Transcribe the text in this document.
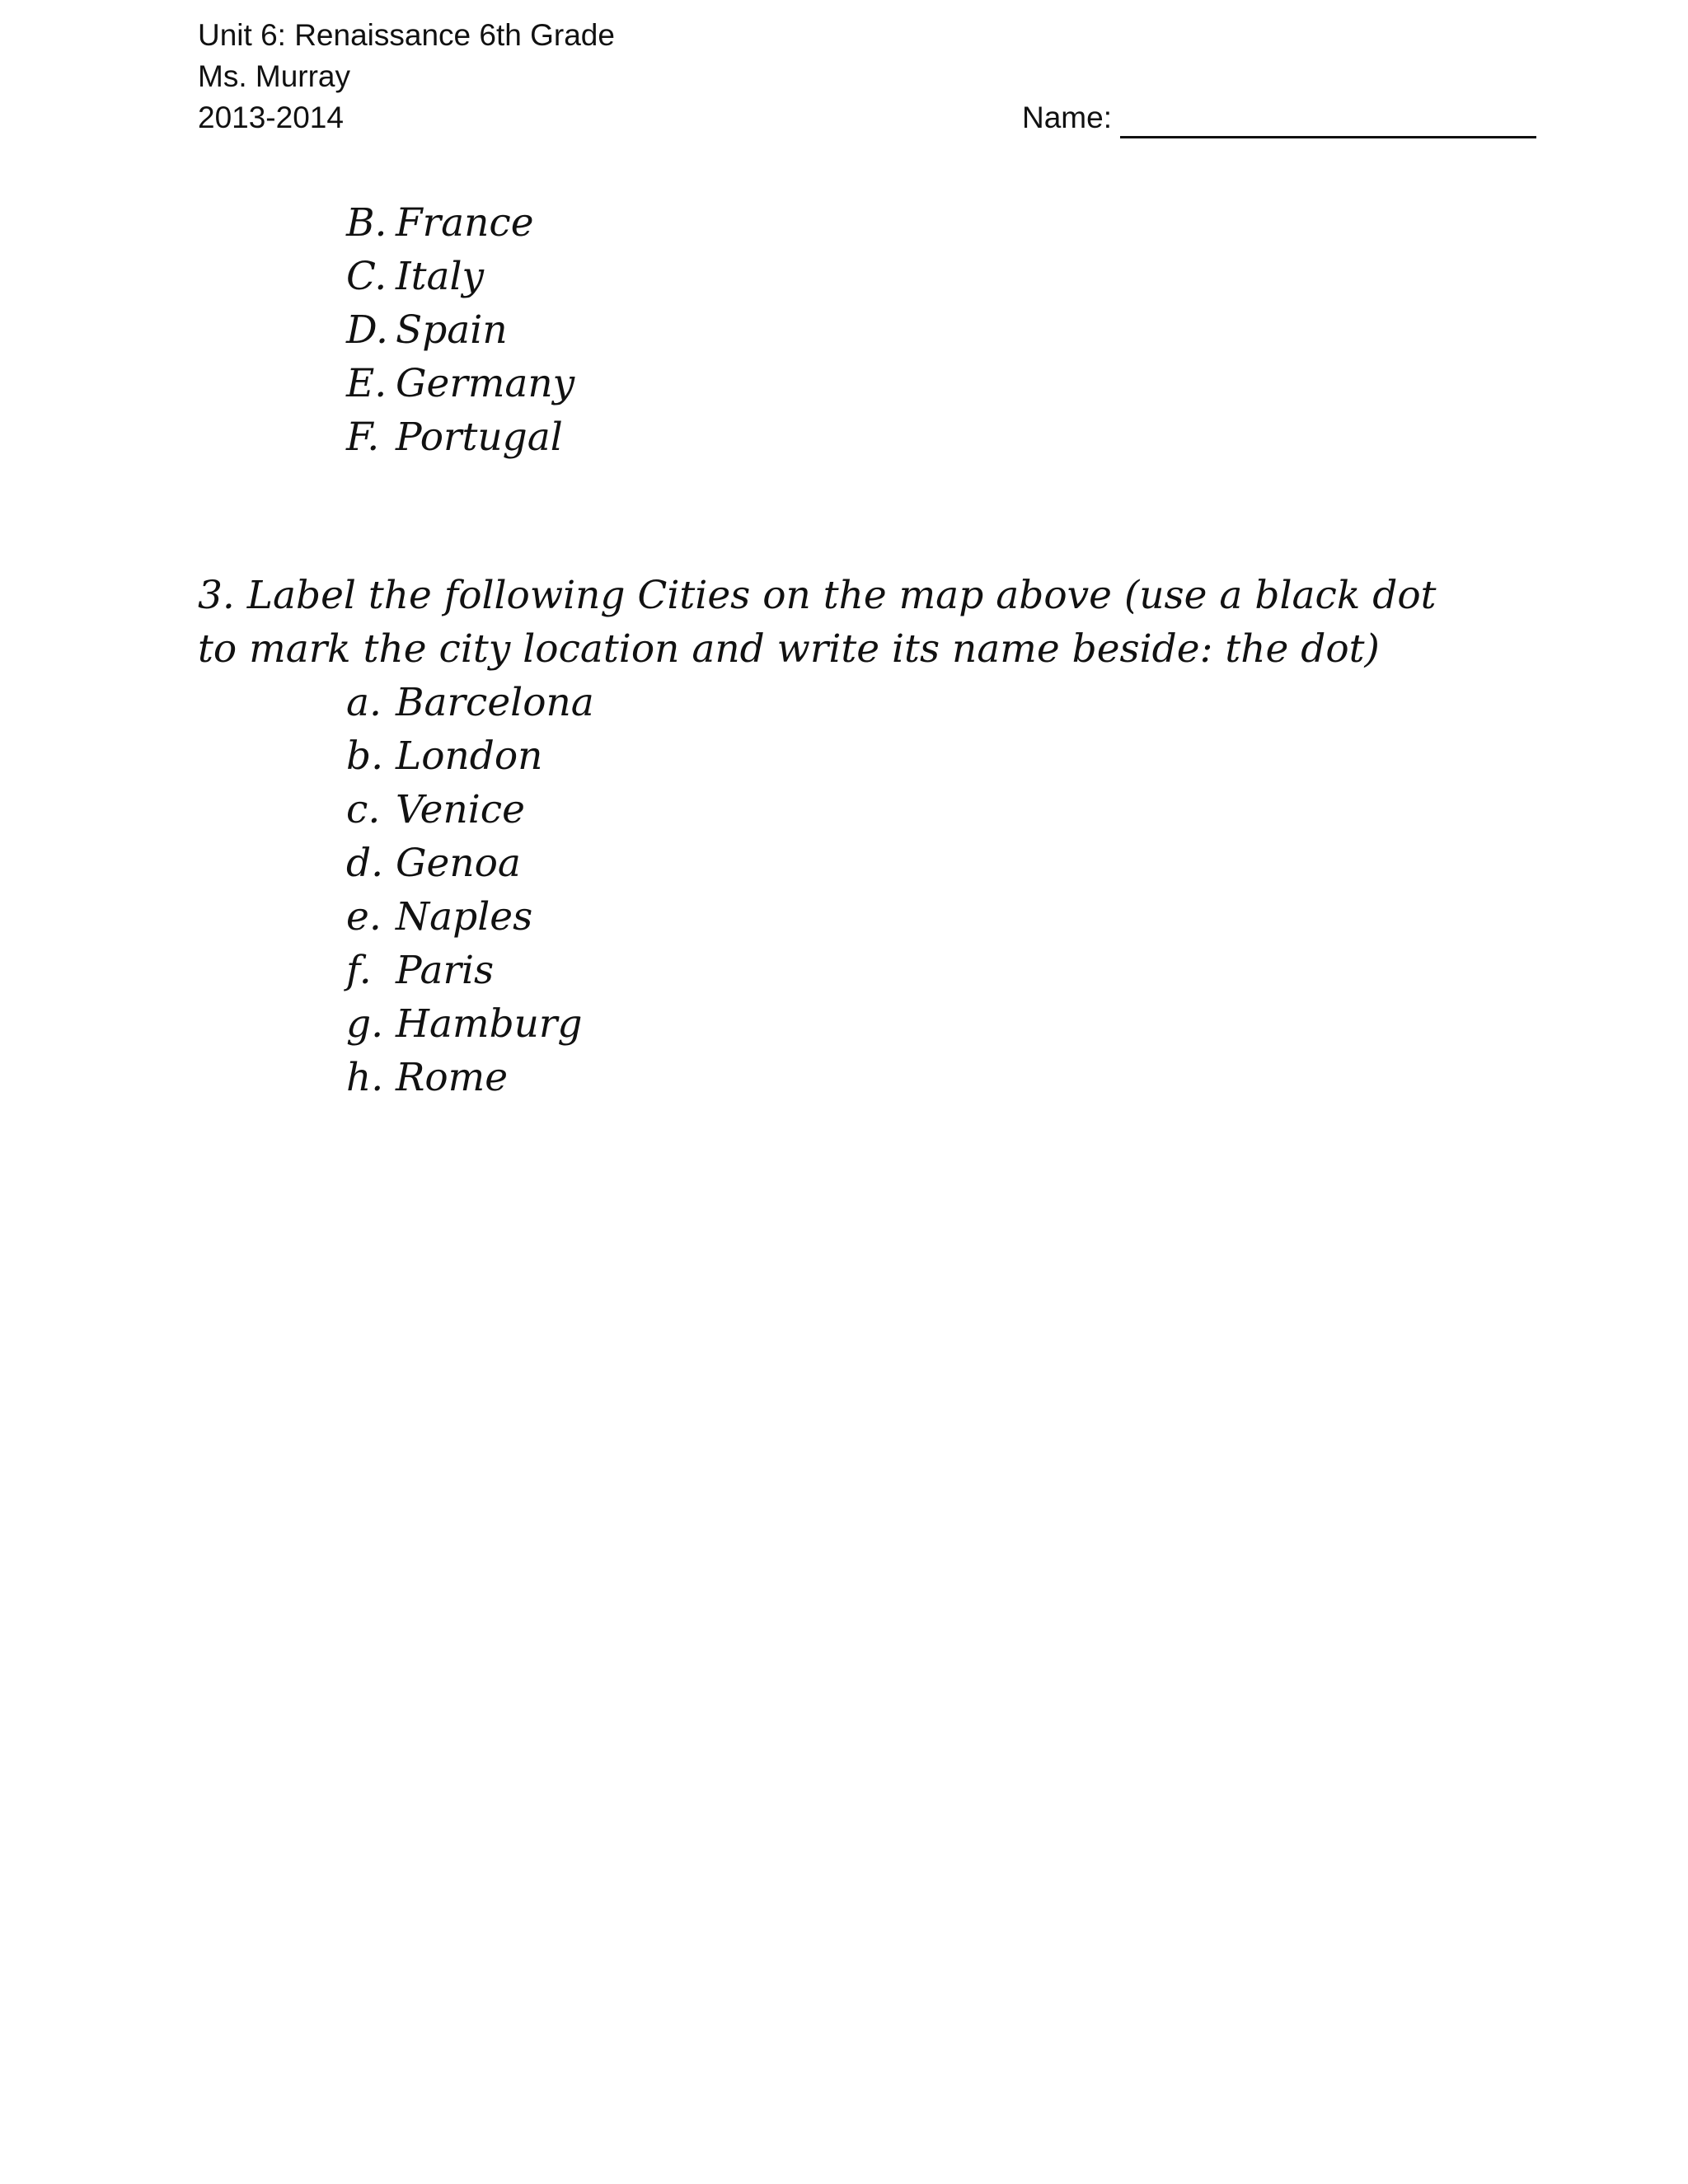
Unit 6: Renaissance 6th Grade
Ms. Murray
2013-2014	Name:
B. France
C. Italy
D. Spain
E. Germany
F. Portugal
3. Label the following Cities on the map above (use a black dot
to mark the city location and write its name beside: the dot)
a. Barcelona
b. London
c. Venice
d. Genoa
e. Naples
f. Paris
g. Hamburg
h. Rome
